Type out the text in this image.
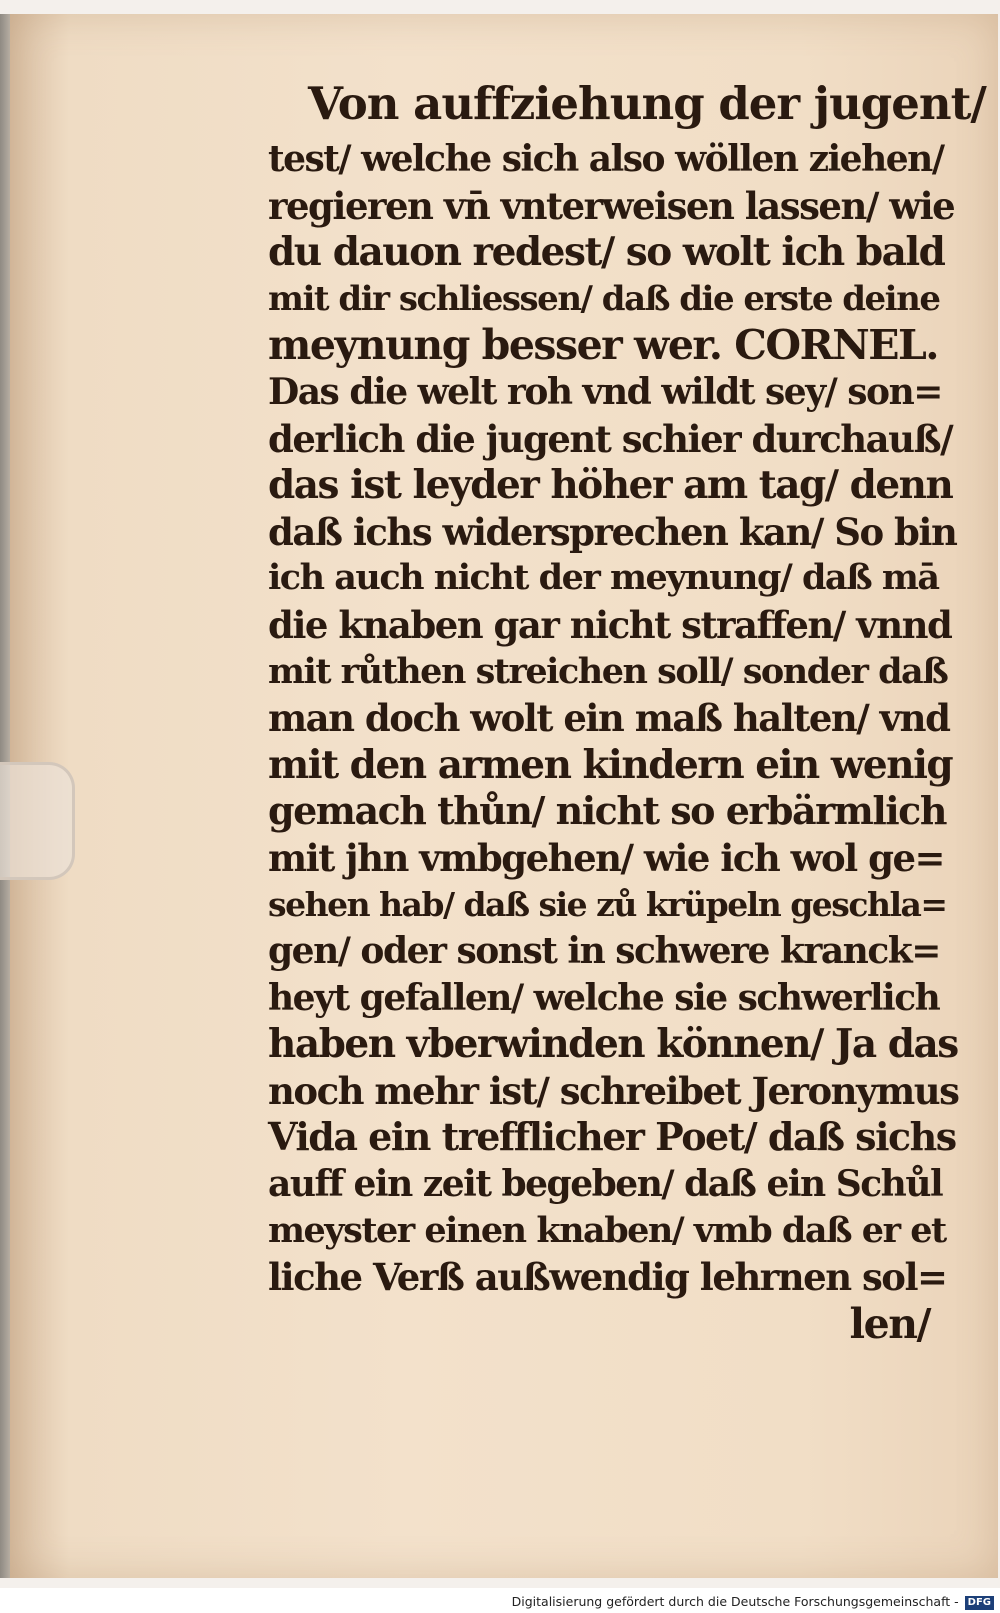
Von auffziehung der jugent/
test/ welche sich also wöllen ziehen/
regieren vn̄ vnterweisen lassen/ wie
du dauon redest/ so wolt ich bald
mit dir schliessen/ daß die erste deine
meynung besser wer. CORNEL.
Das die welt roh vnd wildt sey/ son=
derlich die jugent schier durchauß/
das ist leyder höher am tag/ denn
daß ichs widersprechen kan/ So bin
ich auch nicht der meynung/ daß mā
die knaben gar nicht straffen/ vnnd
mit růthen streichen soll/ sonder daß
man doch wolt ein maß halten/ vnd
mit den armen kindern ein wenig
gemach thůn/ nicht so erbärmlich
mit jhn vmbgehen/ wie ich wol ge=
sehen hab/ daß sie zů krüpeln geschla=
gen/ oder sonst in schwere kranck=
heyt gefallen/ welche sie schwerlich
haben vberwinden können/ Ja das
noch mehr ist/ schreibet Jeronymus
Vida ein trefflicher Poet/ daß sichs
auff ein zeit begeben/ daß ein Schůl
meyster einen knaben/ vmb daß er et
liche Verß außwendig lehrnen sol=
len/
Digitalisierung gefördert durch die Deutsche Forschungsgemeinschaft - DFG
